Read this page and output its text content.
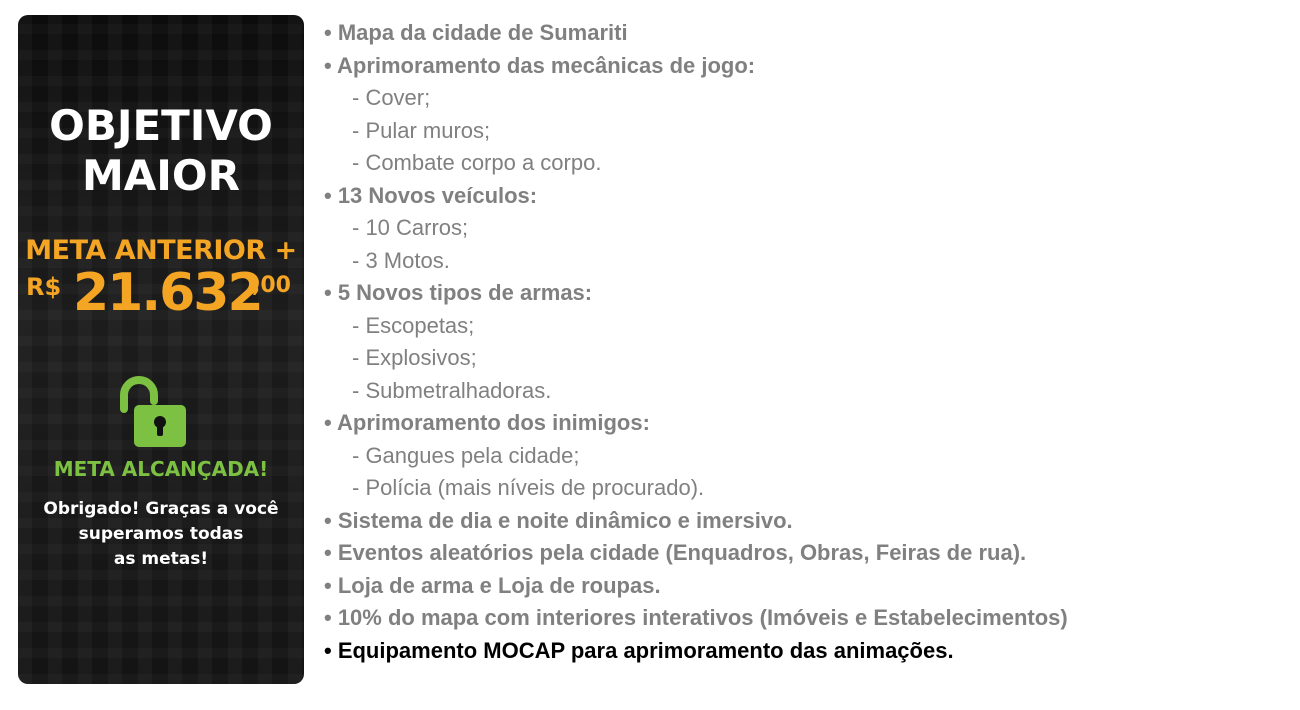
OBJETIVO
MAIOR
META ANTERIOR +
R$ 21.632
,00
META ALCANÇADA!
Obrigado! Graças a você
superamos todas
as metas!
• Mapa da cidade de Sumariti
• Aprimoramento das mecânicas de jogo:
- Cover;
- Pular muros;
- Combate corpo a corpo.
• 13 Novos veículos:
- 10 Carros;
- 3 Motos.
• 5 Novos tipos de armas:
- Escopetas;
- Explosivos;
- Submetralhadoras.
• Aprimoramento dos inimigos:
- Gangues pela cidade;
- Polícia (mais níveis de procurado).
• Sistema de dia e noite dinâmico e imersivo.
• Eventos aleatórios pela cidade (Enquadros, Obras, Feiras de rua).
• Loja de arma e Loja de roupas.
• 10% do mapa com interiores interativos (Imóveis e Estabelecimentos)
• Equipamento MOCAP para aprimoramento das animações.
